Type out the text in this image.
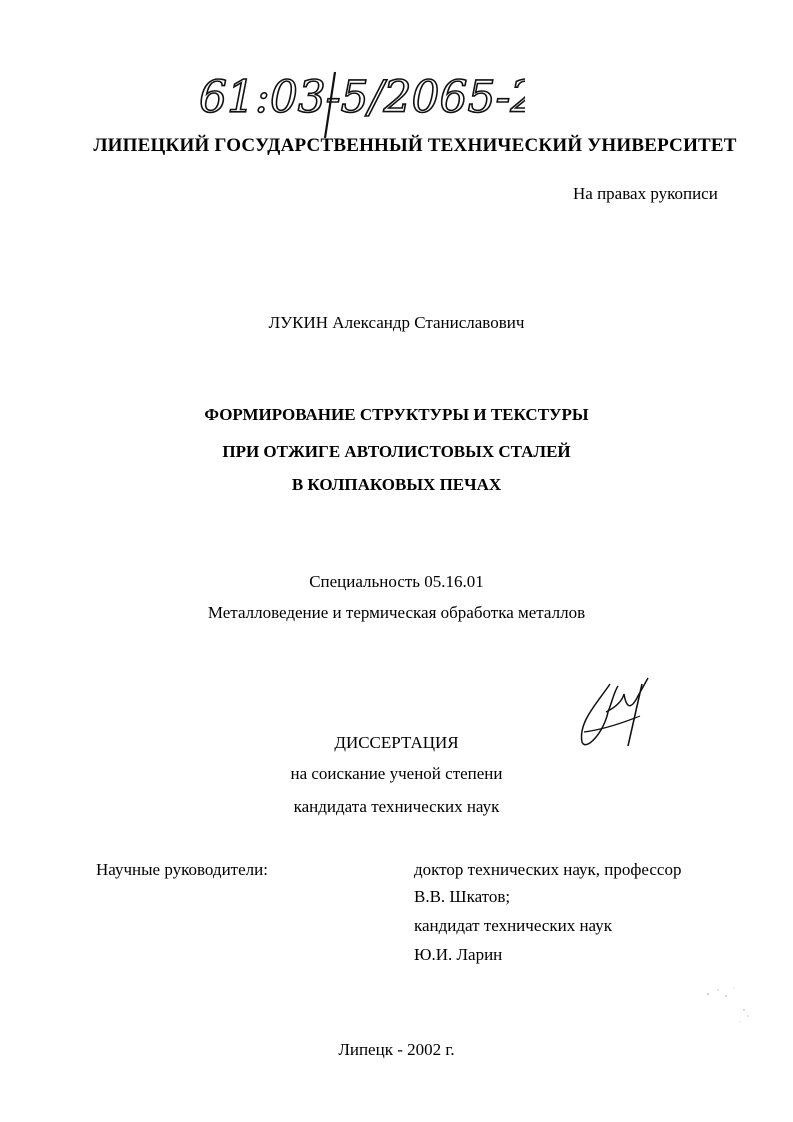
61:03-5/2065-2
ЛИПЕЦКИЙ ГОСУДАРСТВЕННЫЙ ТЕХНИЧЕСКИЙ УНИВЕРСИТЕТ
На правах рукописи
ЛУКИН Александр Станиславович
ФОРМИРОВАНИЕ СТРУКТУРЫ И ТЕКСТУРЫ
ПРИ ОТЖИГЕ АВТОЛИСТОВЫХ СТАЛЕЙ
В КОЛПАКОВЫХ ПЕЧАХ
Специальность 05.16.01
Металловедение и термическая обработка металлов
ДИССЕРТАЦИЯ
на соискание ученой степени
кандидата технических наук
Научные руководители:	доктор технических наук, профессор
В.В. Шкатов;
кандидат технических наук
Ю.И. Ларин
Липецк - 2002 г.
